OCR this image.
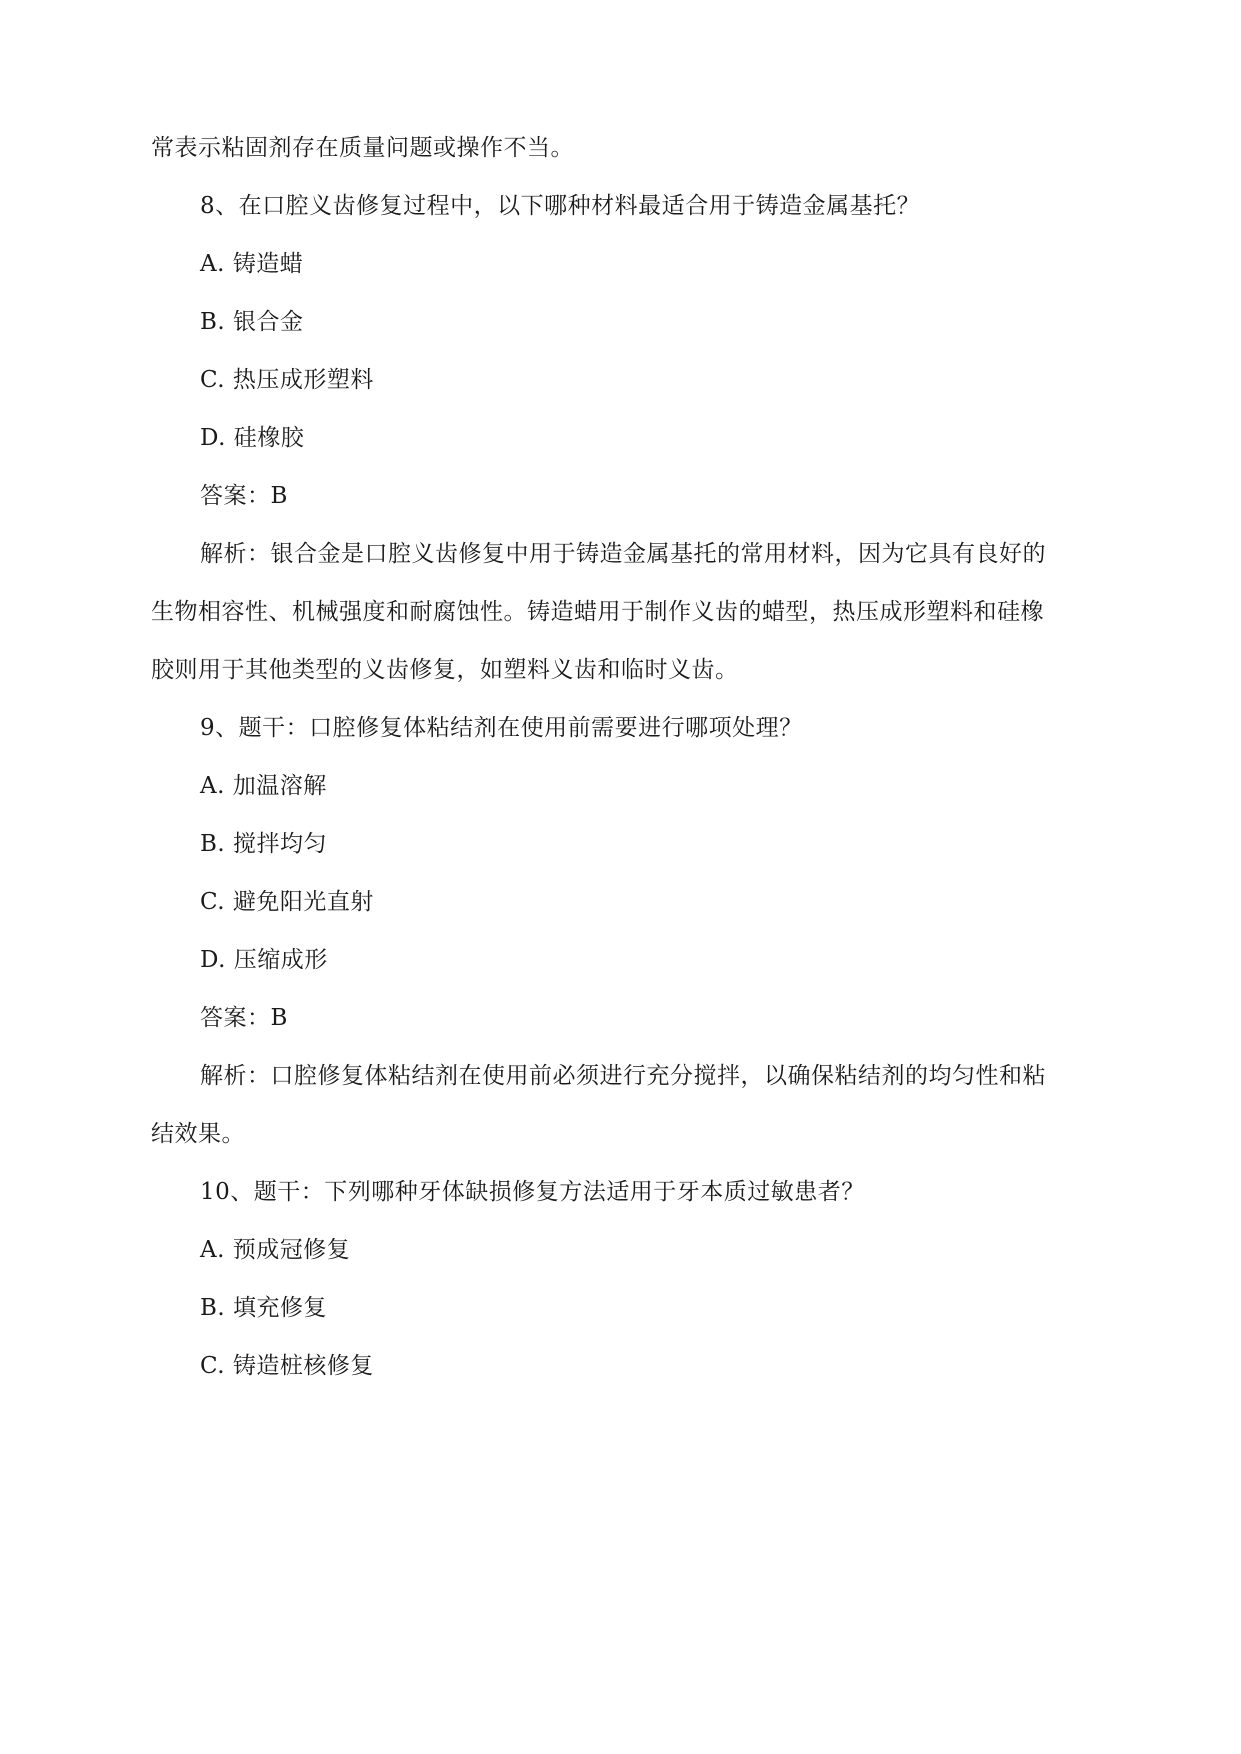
常表示粘固剂存在质量问题或操作不当。
8、在口腔义齿修复过程中，以下哪种材料最适合用于铸造金属基托？
A. 铸造蜡
B. 银合金
C. 热压成形塑料
D. 硅橡胶
答案：B
解析：银合金是口腔义齿修复中用于铸造金属基托的常用材料，因为它具有良好的
生物相容性、机械强度和耐腐蚀性。铸造蜡用于制作义齿的蜡型，热压成形塑料和硅橡
胶则用于其他类型的义齿修复，如塑料义齿和临时义齿。
9、题干：口腔修复体粘结剂在使用前需要进行哪项处理？
A. 加温溶解
B. 搅拌均匀
C. 避免阳光直射
D. 压缩成形
答案：B
解析：口腔修复体粘结剂在使用前必须进行充分搅拌，以确保粘结剂的均匀性和粘
结效果。
10、题干：下列哪种牙体缺损修复方法适用于牙本质过敏患者？
A. 预成冠修复
B. 填充修复
C. 铸造桩核修复
